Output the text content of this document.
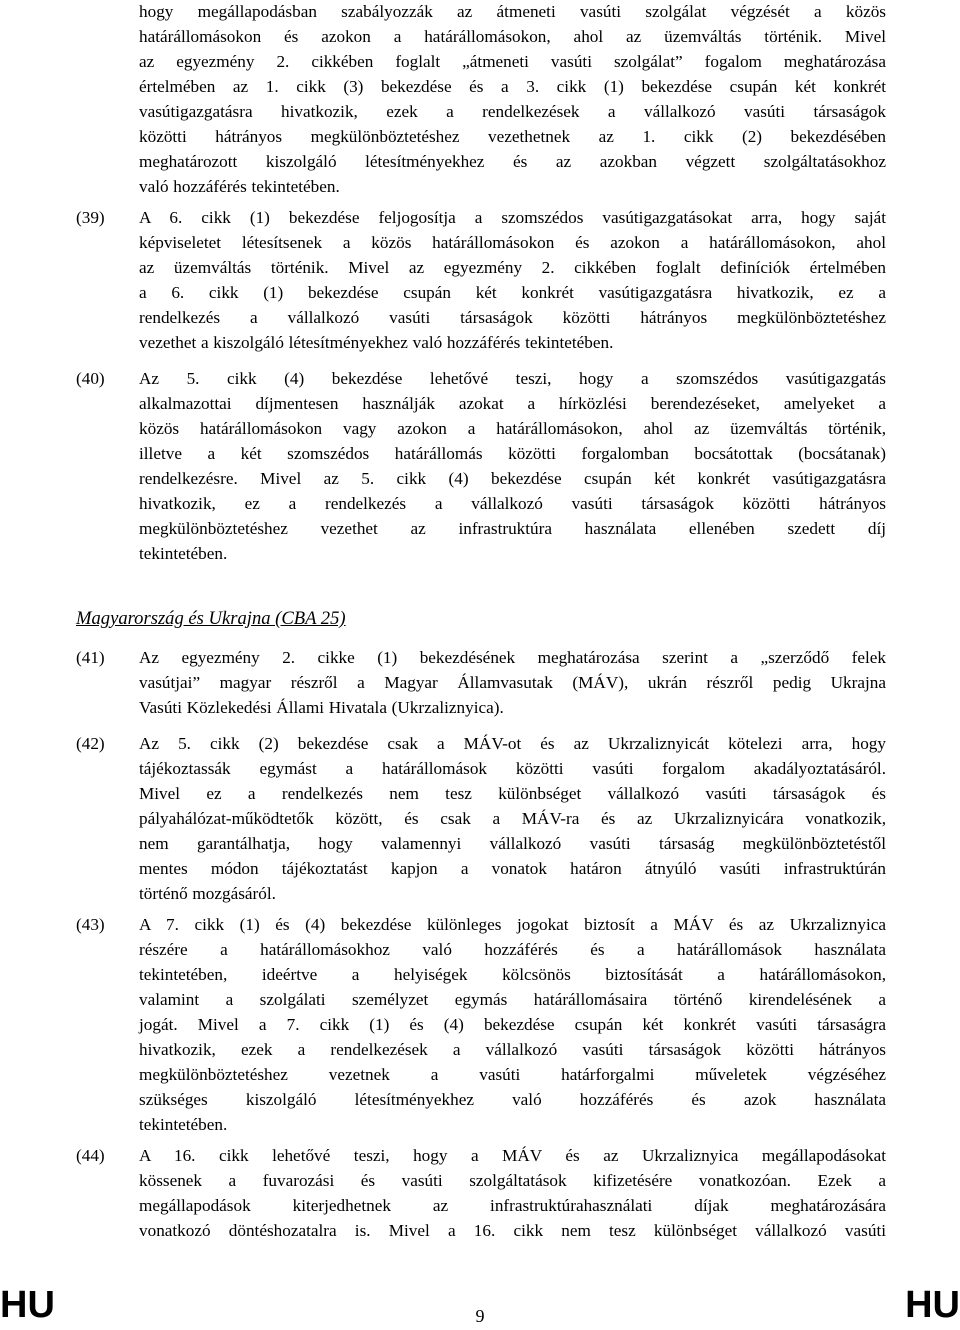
hogy megállapodásban szabályozzák az átmeneti vasúti szolgálat végzését a közös
határállomásokon és azokon a határállomásokon, ahol az üzemváltás történik. Mivel
az egyezmény 2. cikkében foglalt „átmeneti vasúti szolgálat” fogalom meghatározása
értelmében az 1. cikk (3) bekezdése és a 3. cikk (1) bekezdése csupán két konkrét
vasútigazgatásra hivatkozik, ezek a rendelkezések a vállalkozó vasúti társaságok
közötti hátrányos megkülönböztetéshez vezethetnek az 1. cikk (2) bekezdésében
meghatározott kiszolgáló létesítményekhez és az azokban végzett szolgáltatásokhoz
való hozzáférés tekintetében.
(39) A 6. cikk (1) bekezdése feljogosítja a szomszédos vasútigazgatásokat arra, hogy saját
képviseletet létesítsenek a közös határállomásokon és azokon a határállomásokon, ahol
az üzemváltás történik. Mivel az egyezmény 2. cikkében foglalt definíciók értelmében
a 6. cikk (1) bekezdése csupán két konkrét vasútigazgatásra hivatkozik, ez a
rendelkezés a vállalkozó vasúti társaságok közötti hátrányos megkülönböztetéshez
vezethet a kiszolgáló létesítményekhez való hozzáférés tekintetében.
(40) Az 5. cikk (4) bekezdése lehetővé teszi, hogy a szomszédos vasútigazgatás
alkalmazottai díjmentesen használják azokat a hírközlési berendezéseket, amelyeket a
közös határállomásokon vagy azokon a határállomásokon, ahol az üzemváltás történik,
illetve a két szomszédos határállomás közötti forgalomban bocsátottak (bocsátanak)
rendelkezésre. Mivel az 5. cikk (4) bekezdése csupán két konkrét vasútigazgatásra
hivatkozik, ez a rendelkezés a vállalkozó vasúti társaságok közötti hátrányos
megkülönböztetéshez vezethet az infrastruktúra használata ellenében szedett díj
tekintetében.
Magyarország és Ukrajna (CBA 25)
(41) Az egyezmény 2. cikke (1) bekezdésének meghatározása szerint a „szerződő felek
vasútjai” magyar részről a Magyar Államvasutak (MÁV), ukrán részről pedig Ukrajna
Vasúti Közlekedési Állami Hivatala (Ukrzaliznyica).
(42) Az 5. cikk (2) bekezdése csak a MÁV-ot és az Ukrzaliznyicát kötelezi arra, hogy
tájékoztassák egymást a határállomások közötti vasúti forgalom akadályoztatásáról.
Mivel ez a rendelkezés nem tesz különbséget vállalkozó vasúti társaságok és
pályahálózat-működtetők között, és csak a MÁV-ra és az Ukrzaliznyicára vonatkozik,
nem garantálhatja, hogy valamennyi vállalkozó vasúti társaság megkülönböztetéstől
mentes módon tájékoztatást kapjon a vonatok határon átnyúló vasúti infrastruktúrán
történő mozgásáról.
(43) A 7. cikk (1) és (4) bekezdése különleges jogokat biztosít a MÁV és az Ukrzaliznyica
részére a határállomásokhoz való hozzáférés és a határállomások használata
tekintetében, ideértve a helyiségek kölcsönös biztosítását a határállomásokon,
valamint a szolgálati személyzet egymás határállomásaira történő kirendelésének a
jogát. Mivel a 7. cikk (1) és (4) bekezdése csupán két konkrét vasúti társaságra
hivatkozik, ezek a rendelkezések a vállalkozó vasúti társaságok közötti hátrányos
megkülönböztetéshez vezetnek a vasúti határforgalmi műveletek végzéséhez
szükséges kiszolgáló létesítményekhez való hozzáférés és azok használata
tekintetében.
(44) A 16. cikk lehetővé teszi, hogy a MÁV és az Ukrzaliznyica megállapodásokat
kössenek a fuvarozási és vasúti szolgáltatások kifizetésére vonatkozóan. Ezek a
megállapodások kiterjedhetnek az infrastruktúrahasználati díjak meghatározására
vonatkozó döntéshozatalra is. Mivel a 16. cikk nem tesz különbséget vállalkozó vasúti
HU	9	HU
